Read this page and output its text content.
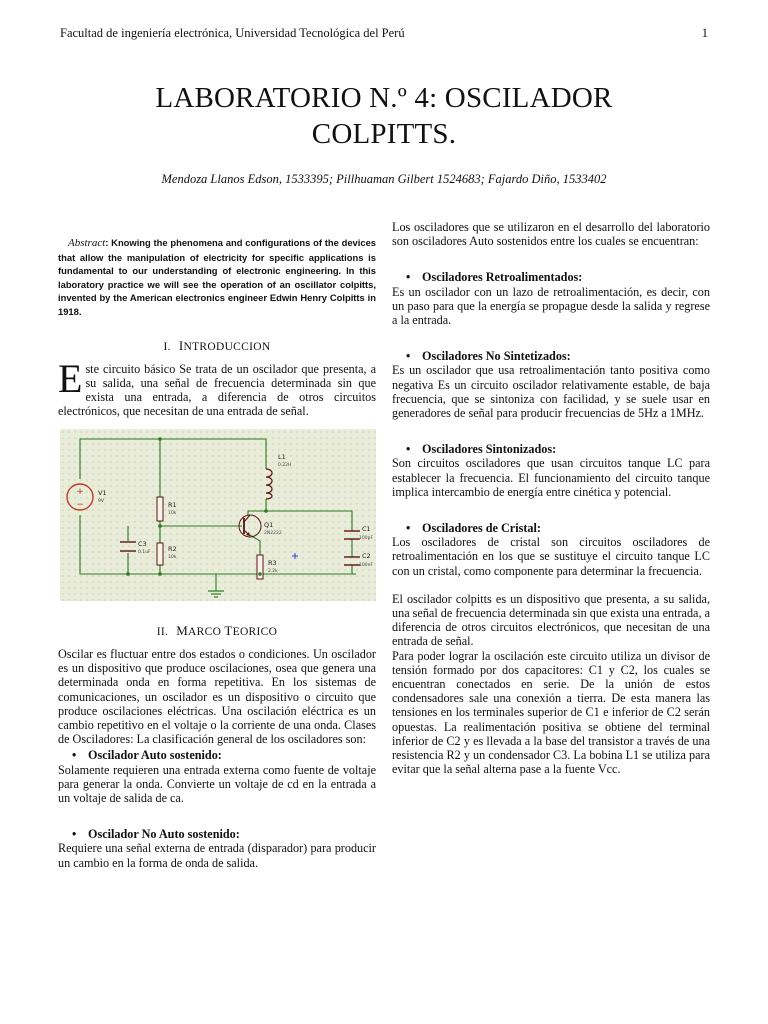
Facultad de ingeniería electrónica, Universidad Tecnológica del Perú	1
LABORATORIO N.º 4: OSCILADOR
COLPITTS.
Mendoza Llanos Edson, 1533395; Pillhuaman Gilbert 1524683; Fajardo Diño, 1533402

Abstract: Knowing the phenomena and configurations of the devices that allow the manipulation of electricity for specific applications is fundamental to our understanding of electronic engineering. In this laboratory practice we will see the operation of an oscillator colpitts, invented by the American electronics engineer Edwin Henry Colpitts in 1918.

I. INTRODUCCION

Este circuito básico Se trata de un oscilador que presenta, a su salida, una señal de frecuencia determinada sin que exista una entrada, a diferencia de otros circuitos electrónicos, que necesitan de una entrada de señal.

+
−
V1
9V	R1
10k
R2
10k
C3
0.1uF
L1
0.22H
Q1
2N2222
R3
2.2k
C1
100pF
C2
100nF
II. MARCO TEORICO

Oscilar es fluctuar entre dos estados o condiciones. Un oscilador es un dispositivo que produce oscilaciones, osea que genera una determinada onda en forma repetitiva. En los sistemas de comunicaciones, un oscilador es un dispositivo o circuito que produce oscilaciones eléctricas. Una oscilación eléctrica es un cambio repetitivo en el voltaje o la corriente de una onda. Clases de Osciladores: La clasificación general de los osciladores son:

• Oscilador Auto sostenido:

Solamente requieren una entrada externa como fuente de voltaje para generar la onda. Convierte un voltaje de cd en la entrada a un voltaje de salida de ca.

• Oscilador No Auto sostenido:

Requiere una señal externa de entrada (disparador) para producir un cambio en la forma de onda de salida.

Los osciladores que se utilizaron en el desarrollo del laboratorio son osciladores Auto sostenidos entre los cuales se encuentran:

• Osciladores Retroalimentados:

Es un oscilador con un lazo de retroalimentación, es decir, con un paso para que la energía se propague desde la salida y regrese a la entrada.

• Osciladores No Sintetizados:

Es un oscilador que usa retroalimentación tanto positiva como negativa Es un circuito oscilador relativamente estable, de baja frecuencia, que se sintoniza con facilidad, y se suele usar en generadores de señal para producir frecuencias de 5Hz a 1MHz.

• Osciladores Sintonizados:

Son circuitos osciladores que usan circuitos tanque LC para establecer la frecuencia. El funcionamiento del circuito tanque implica intercambio de energía entre cinética y potencial.

• Osciladores de Cristal:

Los osciladores de cristal son circuitos osciladores de retroalimentación en los que se sustituye el circuito tanque LC con un cristal, como componente para determinar la frecuencia.

El oscilador colpitts es un dispositivo que presenta, a su salida, una señal de frecuencia determinada sin que exista una entrada, a diferencia de otros circuitos electrónicos, que necesitan de una entrada de señal.

Para poder lograr la oscilación este circuito utiliza un divisor de tensión formado por dos capacitores: C1 y C2, los cuales se encuentran conectados en serie. De la unión de estos condensadores sale una conexión a tierra. De esta manera las tensiones en los terminales superior de C1 e inferior de C2 serán opuestas. La realimentación positiva se obtiene del terminal inferior de C2 y es llevada a la base del transistor a través de una resistencia R2 y un condensador C3. La bobina L1 se utiliza para evitar que la señal alterna pase a la fuente Vcc.
